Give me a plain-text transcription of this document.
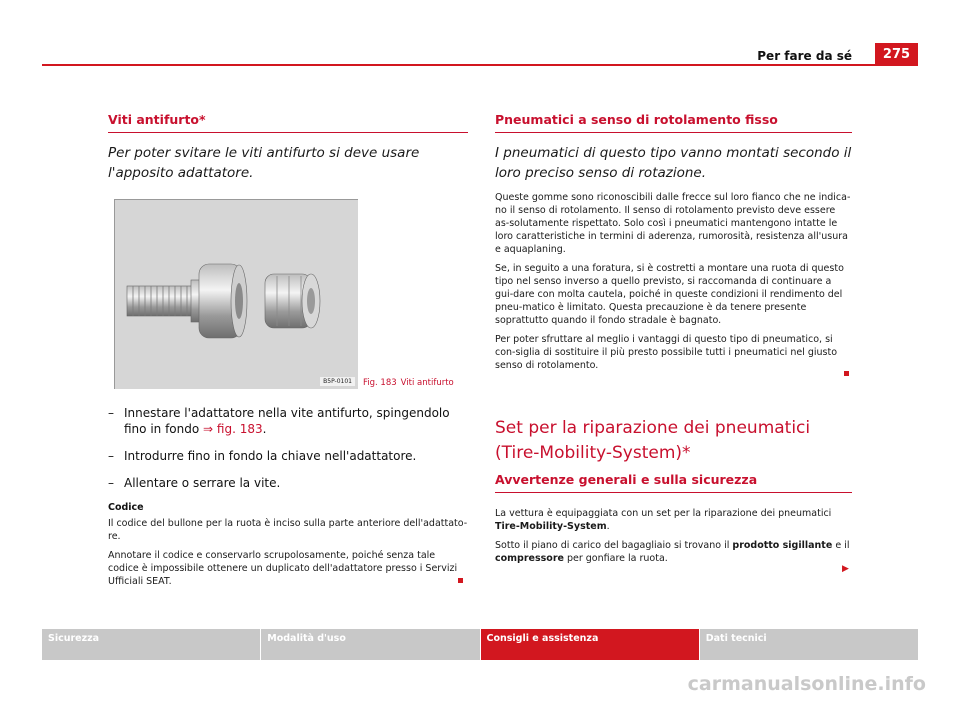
Per fare da sé	275
Viti antifurto*
Per poter svitare le viti antifurto si deve usare l'apposito adattatore.
B5P-0101	Fig. 183 Viti antifurto
– Innestare l'adattatore nella vite antifurto, spingendolo fino in fondo ⇒ fig. 183.
– Introdurre fino in fondo la chiave nell'adattatore.
– Allentare o serrare la vite.
Codice

Il codice del bullone per la ruota è inciso sulla parte anteriore dell'adattato-re.

Annotare il codice e conservarlo scrupolosamente, poiché senza tale codice è impossibile ottenere un duplicato dell'adattatore presso i Servizi Ufficiali SEAT.

Pneumatici a senso di rotolamento fisso
I pneumatici di questo tipo vanno montati secondo il loro preciso senso di rotazione.

Queste gomme sono riconoscibili dalle frecce sul loro fianco che ne indica-no il senso di rotolamento. Il senso di rotolamento previsto deve essere as-solutamente rispettato. Solo così i pneumatici mantengono intatte le loro caratteristiche in termini di aderenza, rumorosità, resistenza all'usura e aquaplaning.

Se, in seguito a una foratura, si è costretti a montare una ruota di questo tipo nel senso inverso a quello previsto, si raccomanda di continuare a gui-dare con molta cautela, poiché in queste condizioni il rendimento del pneu-matico è limitato. Questa precauzione è da tenere presente soprattutto quando il fondo stradale è bagnato.

Per poter sfruttare al meglio i vantaggi di questo tipo di pneumatico, si con-siglia di sostituire il più presto possibile tutti i pneumatici nel giusto senso di rotolamento.

Set per la riparazione dei pneumatici (Tire-Mobility-System)*
Avvertenze generali e sulla sicurezza

La vettura è equipaggiata con un set per la riparazione dei pneumatici Tire-Mobility-System.

Sotto il piano di carico del bagagliaio si trovano il prodotto sigillante e il compressore per gonfiare la ruota.

▶
Sicurezza	Modalità d'uso	Consigli e assistenza	Dati tecnici
carmanualsonline.info
